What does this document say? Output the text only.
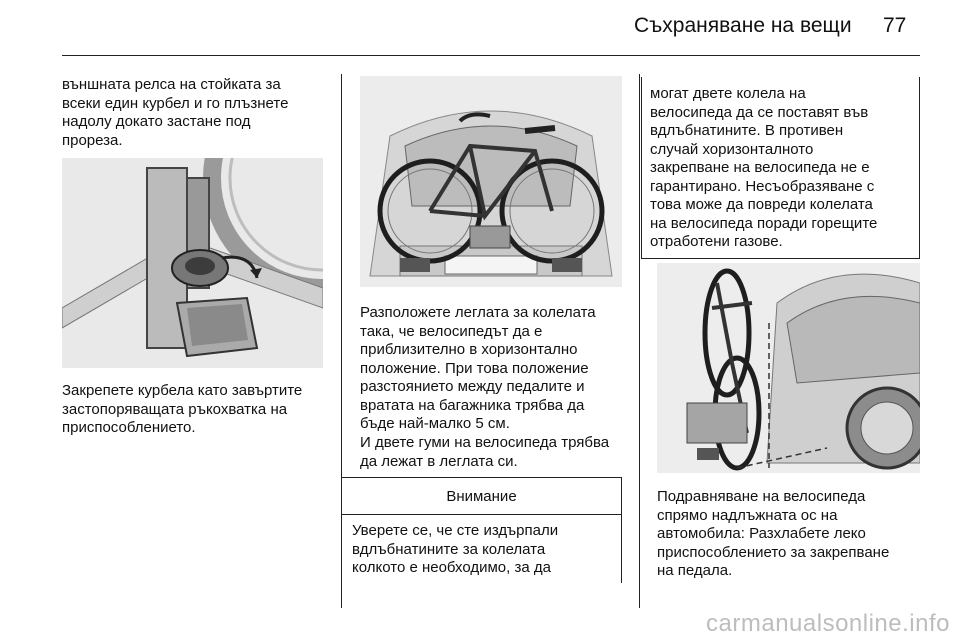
Съхраняване на вещи 77

външната релса на стойката за
всеки един курбел и го плъзнете
надолу докато застане под
прореза.

Закрепете курбела като завъртите
застопоряващата ръкохватка на
приспособлението.

Разположете леглата за колелата
така, че велосипедът да е
приблизително в хоризонтално
положение. При това положение
разстоянието между педалите и
вратата на багажника трябва да
бъде най-малко 5 см.

И двете гуми на велосипеда трябва
да лежат в леглата си.

Внимание
Уверете се, че сте издърпали
вдлъбнатините за колелата
колкото е необходимо, за да
могат двете колела на
велосипеда да се поставят във
вдлъбнатините. В противен
случай хоризонталното
закрепване на велосипеда не е
гарантирано. Несъобразяване с
това може да повреди колелата
на велосипеда поради горещите
отработени газове.

Подравняване на велосипеда
спрямо надлъжната ос на
автомобила: Разхлабете леко
приспособлението за закрепване
на педала.

carmanualsonline.info
